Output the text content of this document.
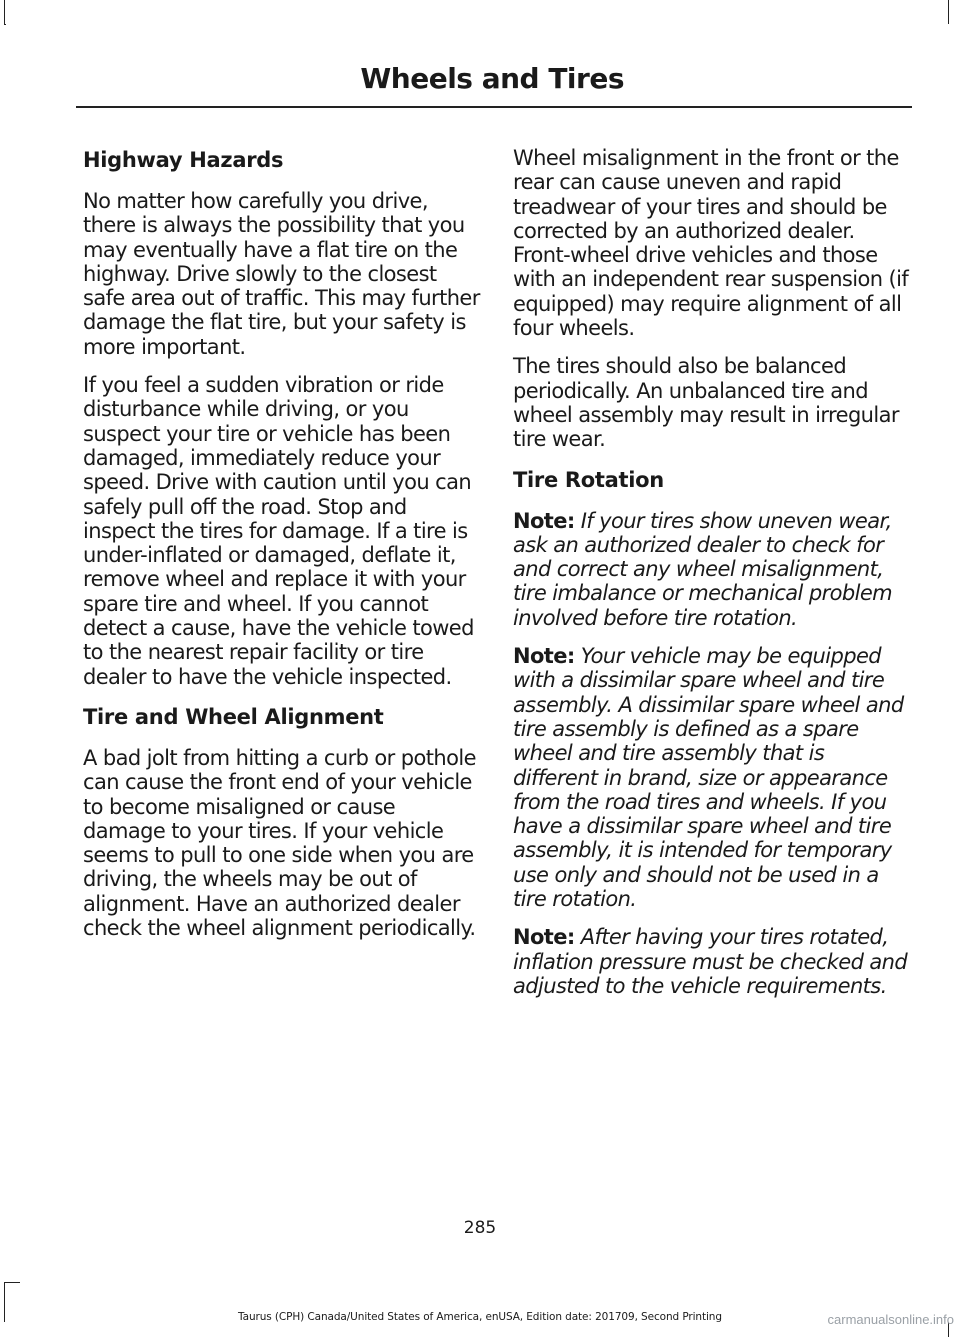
Wheels and Tires
Highway Hazards

No matter how carefully you drive, there is always the possibility that you may eventually have a flat tire on the highway. Drive slowly to the closest safe area out of traffic. This may further damage the flat tire, but your safety is more important.

If you feel a sudden vibration or ride disturbance while driving, or you suspect your tire or vehicle has been damaged, immediately reduce your speed. Drive with caution until you can safely pull off the road. Stop and inspect the tires for damage. If a tire is under-inflated or damaged, deflate it, remove wheel and replace it with your spare tire and wheel. If you cannot detect a cause, have the vehicle towed to the nearest repair facility or tire dealer to have the vehicle inspected.

Tire and Wheel Alignment

A bad jolt from hitting a curb or pothole can cause the front end of your vehicle to become misaligned or cause damage to your tires. If your vehicle seems to pull to one side when you are driving, the wheels may be out of alignment. Have an authorized dealer check the wheel alignment periodically.

Wheel misalignment in the front or the rear can cause uneven and rapid treadwear of your tires and should be corrected by an authorized dealer. Front-wheel drive vehicles and those with an independent rear suspension (if equipped) may require alignment of all four wheels.

The tires should also be balanced periodically. An unbalanced tire and wheel assembly may result in irregular tire wear.

Tire Rotation

Note: If your tires show uneven wear, ask an authorized dealer to check for and correct any wheel misalignment, tire imbalance or mechanical problem involved before tire rotation.

Note: Your vehicle may be equipped with a dissimilar spare wheel and tire assembly. A dissimilar spare wheel and tire assembly is defined as a spare wheel and tire assembly that is different in brand, size or appearance from the road tires and wheels. If you have a dissimilar spare wheel and tire assembly, it is intended for temporary use only and should not be used in a tire rotation.

Note: After having your tires rotated, inflation pressure must be checked and adjusted to the vehicle requirements.

285
Taurus (CPH) Canada/United States of America, enUSA, Edition date: 201709, Second Printing	carmanualsonline.info
